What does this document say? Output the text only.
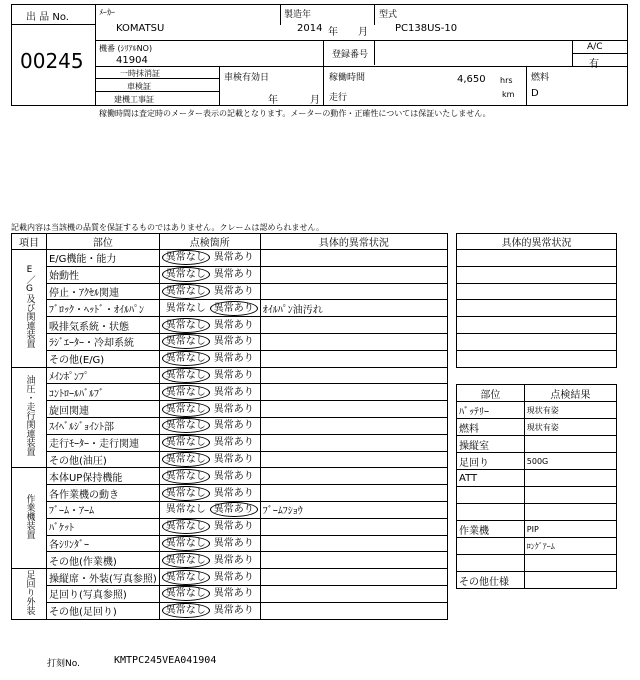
出 品 No.
00245
ﾒｰｶｰ
KOMATSU
製造年
2014 年 月
型式
PC138US-10
機番 (ｼﾘｱﾙNO)
41904	登録番号
A/C
有
一時抹消証
車検証
建機工事証
車検有効日
年	月
稼働時間	4,650 hrs
走行	km
燃料
D
稼働時間は査定時のメーター表示の記載となります。メーターの動作・正確性については保証いたしません。
記載内容は当該機の品質を保証するものではありません。クレームは認められません。
項目	部位	点検箇所	具体的異常状況
E／G及び関連装置	E/G機能・能力	異常なし 異常あり	
	始動性	異常なし 異常あり	
	停止・ｱｸｾﾙ関連	異常なし 異常あり	
	ﾌﾞﾛｯｸ・ﾍｯﾄﾞ・ｵｲﾙﾊﾟﾝ	異常なし 異常あり	ｵｲﾙﾊﾟﾝ油汚れ
	吸排気系統・状態	異常なし 異常あり	
	ﾗｼﾞｴｰﾀｰ・冷却系統	異常なし 異常あり	
	その他(E/G)	異常なし 異常あり	
油圧・走行関連装置	ﾒｲﾝﾎﾟﾝﾌﾟ	異常なし 異常あり	
	ｺﾝﾄﾛｰﾙﾊﾞﾙﾌﾞ	異常なし 異常あり	
	旋回関連	異常なし 異常あり	
	ｽｲﾍﾞﾙｼﾞｮｲﾝﾄ部	異常なし 異常あり	
	走行ﾓｰﾀｰ・走行関連	異常なし 異常あり	
	その他(油圧)	異常なし 異常あり	
作業機装置	本体UP保持機能	異常なし 異常あり	
	各作業機の動き	異常なし 異常あり	
	ﾌﾞｰﾑ・ｱｰﾑ	異常なし 異常あり	ﾌﾞｰﾑﾌｼｮｳ
	ﾊﾞｹｯﾄ	異常なし 異常あり	
	各ｼﾘﾝﾀﾞｰ	異常なし 異常あり	
	その他(作業機)	異常なし 異常あり	
足回り外装	操縦席・外装(写真参照)	異常なし 異常あり	
	足回り(写真参照)	異常なし 異常あり	
	その他(足回り)	異常なし 異常あり	
具体的異常状況

部位	点検結果
ﾊﾞｯﾃﾘｰ	現状有姿
燃料	現状有姿
操縦室	
足回り	500G
ATT	

作業機	PIP
	ﾛﾝｸﾞｱｰﾑ

その他仕様	
打刻No.	KMTPC245VEA041904
